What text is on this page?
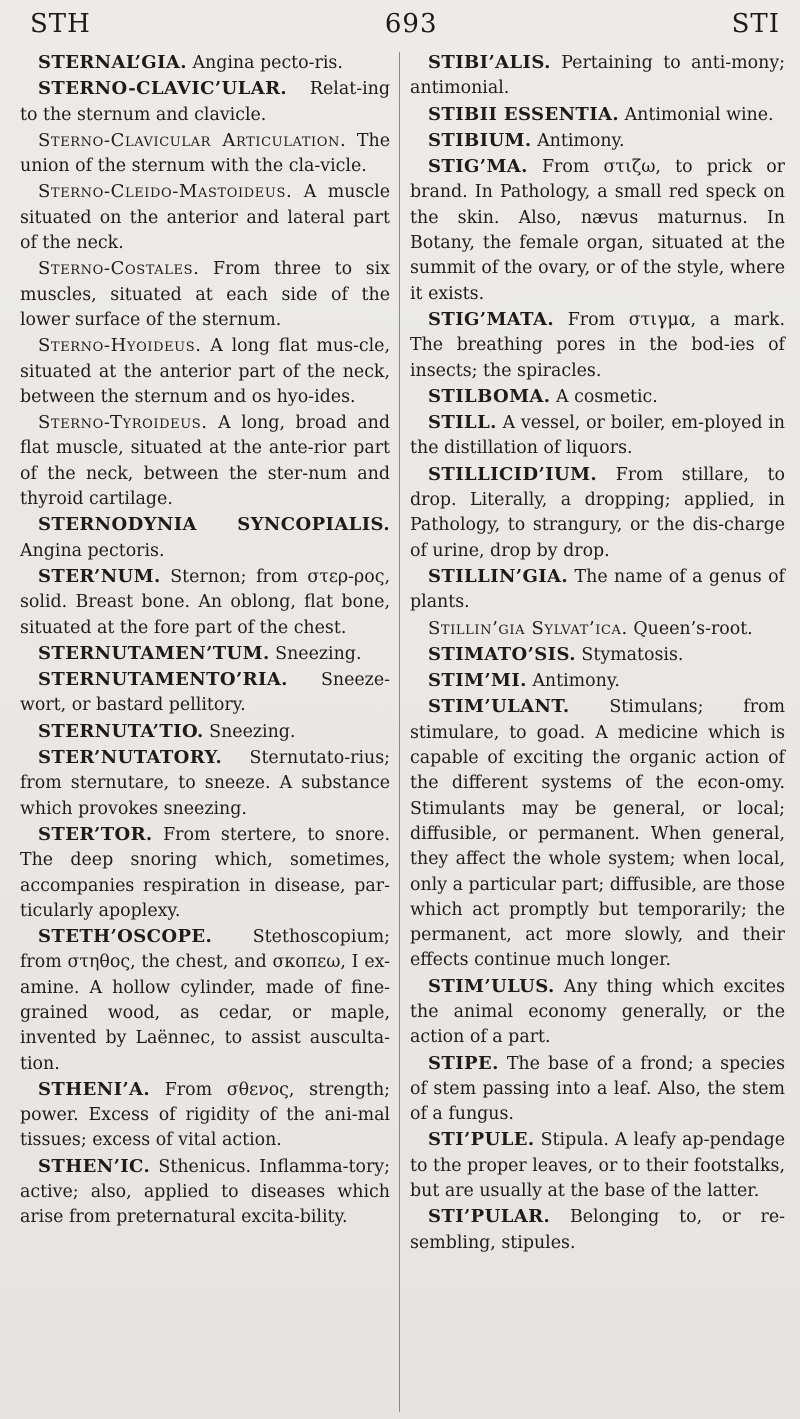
STH	693	STI

STERNAL’GIA. Angina pecto-ris.

STERNO-CLAVIC’ULAR. Relat-ing to the sternum and clavicle.

Sterno-Clavicular Articulation. The union of the sternum with the cla-vicle.

Sterno-Cleido-Mastoideus. A muscle situated on the anterior and lateral part of the neck.

Sterno-Costales. From three to six muscles, situated at each side of the lower surface of the sternum.

Sterno-Hyoideus. A long flat mus-cle, situated at the anterior part of the neck, between the sternum and os hyo-ides.

Sterno-Tyroideus. A long, broad and flat muscle, situated at the ante-rior part of the neck, between the ster-num and thyroid cartilage.

STERNODYNIA SYNCOPIALIS. Angina pectoris.

STER’NUM. Sternon; from στερ-ρος, solid. Breast bone. An oblong, flat bone, situated at the fore part of the chest.

STERNUTAMEN’TUM. Sneezing.

STERNUTAMENTO’RIA. Sneeze-wort, or bastard pellitory.

STERNUTA’TIO. Sneezing.

STER’NUTATORY. Sternutato-rius; from sternutare, to sneeze. A substance which provokes sneezing.

STER’TOR. From stertere, to snore. The deep snoring which, sometimes, accompanies respiration in disease, par-ticularly apoplexy.

STETH’OSCOPE. Stethoscopium; from στηθος, the chest, and σκοπεω, I ex-amine. A hollow cylinder, made of fine-grained wood, as cedar, or maple, invented by Laënnec, to assist ausculta-tion.

STHENI’A. From σθενος, strength; power. Excess of rigidity of the ani-mal tissues; excess of vital action.

STHEN’IC. Sthenicus. Inflamma-tory; active; also, applied to diseases which arise from preternatural excita-bility.

STIBI’ALIS. Pertaining to anti-mony; antimonial.

STIBII ESSENTIA. Antimonial wine.

STIBIUM. Antimony.

STIG’MA. From στιζω, to prick or brand. In Pathology, a small red speck on the skin. Also, nævus maturnus. In Botany, the female organ, situated at the summit of the ovary, or of the style, where it exists.

STIG’MATA. From στιγμα, a mark. The breathing pores in the bod-ies of insects; the spiracles.

STILBOMA. A cosmetic.

STILL. A vessel, or boiler, em-ployed in the distillation of liquors.

STILLICID’IUM. From stillare, to drop. Literally, a dropping; applied, in Pathology, to strangury, or the dis-charge of urine, drop by drop.

STILLIN’GIA. The name of a genus of plants.

Stillin’gia Sylvat’ica. Queen’s-root.

STIMATO’SIS. Stymatosis.

STIM’MI. Antimony.

STIM’ULANT. Stimulans; from stimulare, to goad. A medicine which is capable of exciting the organic action of the different systems of the econ-omy. Stimulants may be general, or local; diffusible, or permanent. When general, they affect the whole system; when local, only a particular part; diffusible, are those which act promptly but temporarily; the permanent, act more slowly, and their effects continue much longer.

STIM’ULUS. Any thing which excites the animal economy generally, or the action of a part.

STIPE. The base of a frond; a species of stem passing into a leaf. Also, the stem of a fungus.

STI’PULE. Stipula. A leafy ap-pendage to the proper leaves, or to their footstalks, but are usually at the base of the latter.

STI’PULAR. Belonging to, or re-sembling, stipules.
